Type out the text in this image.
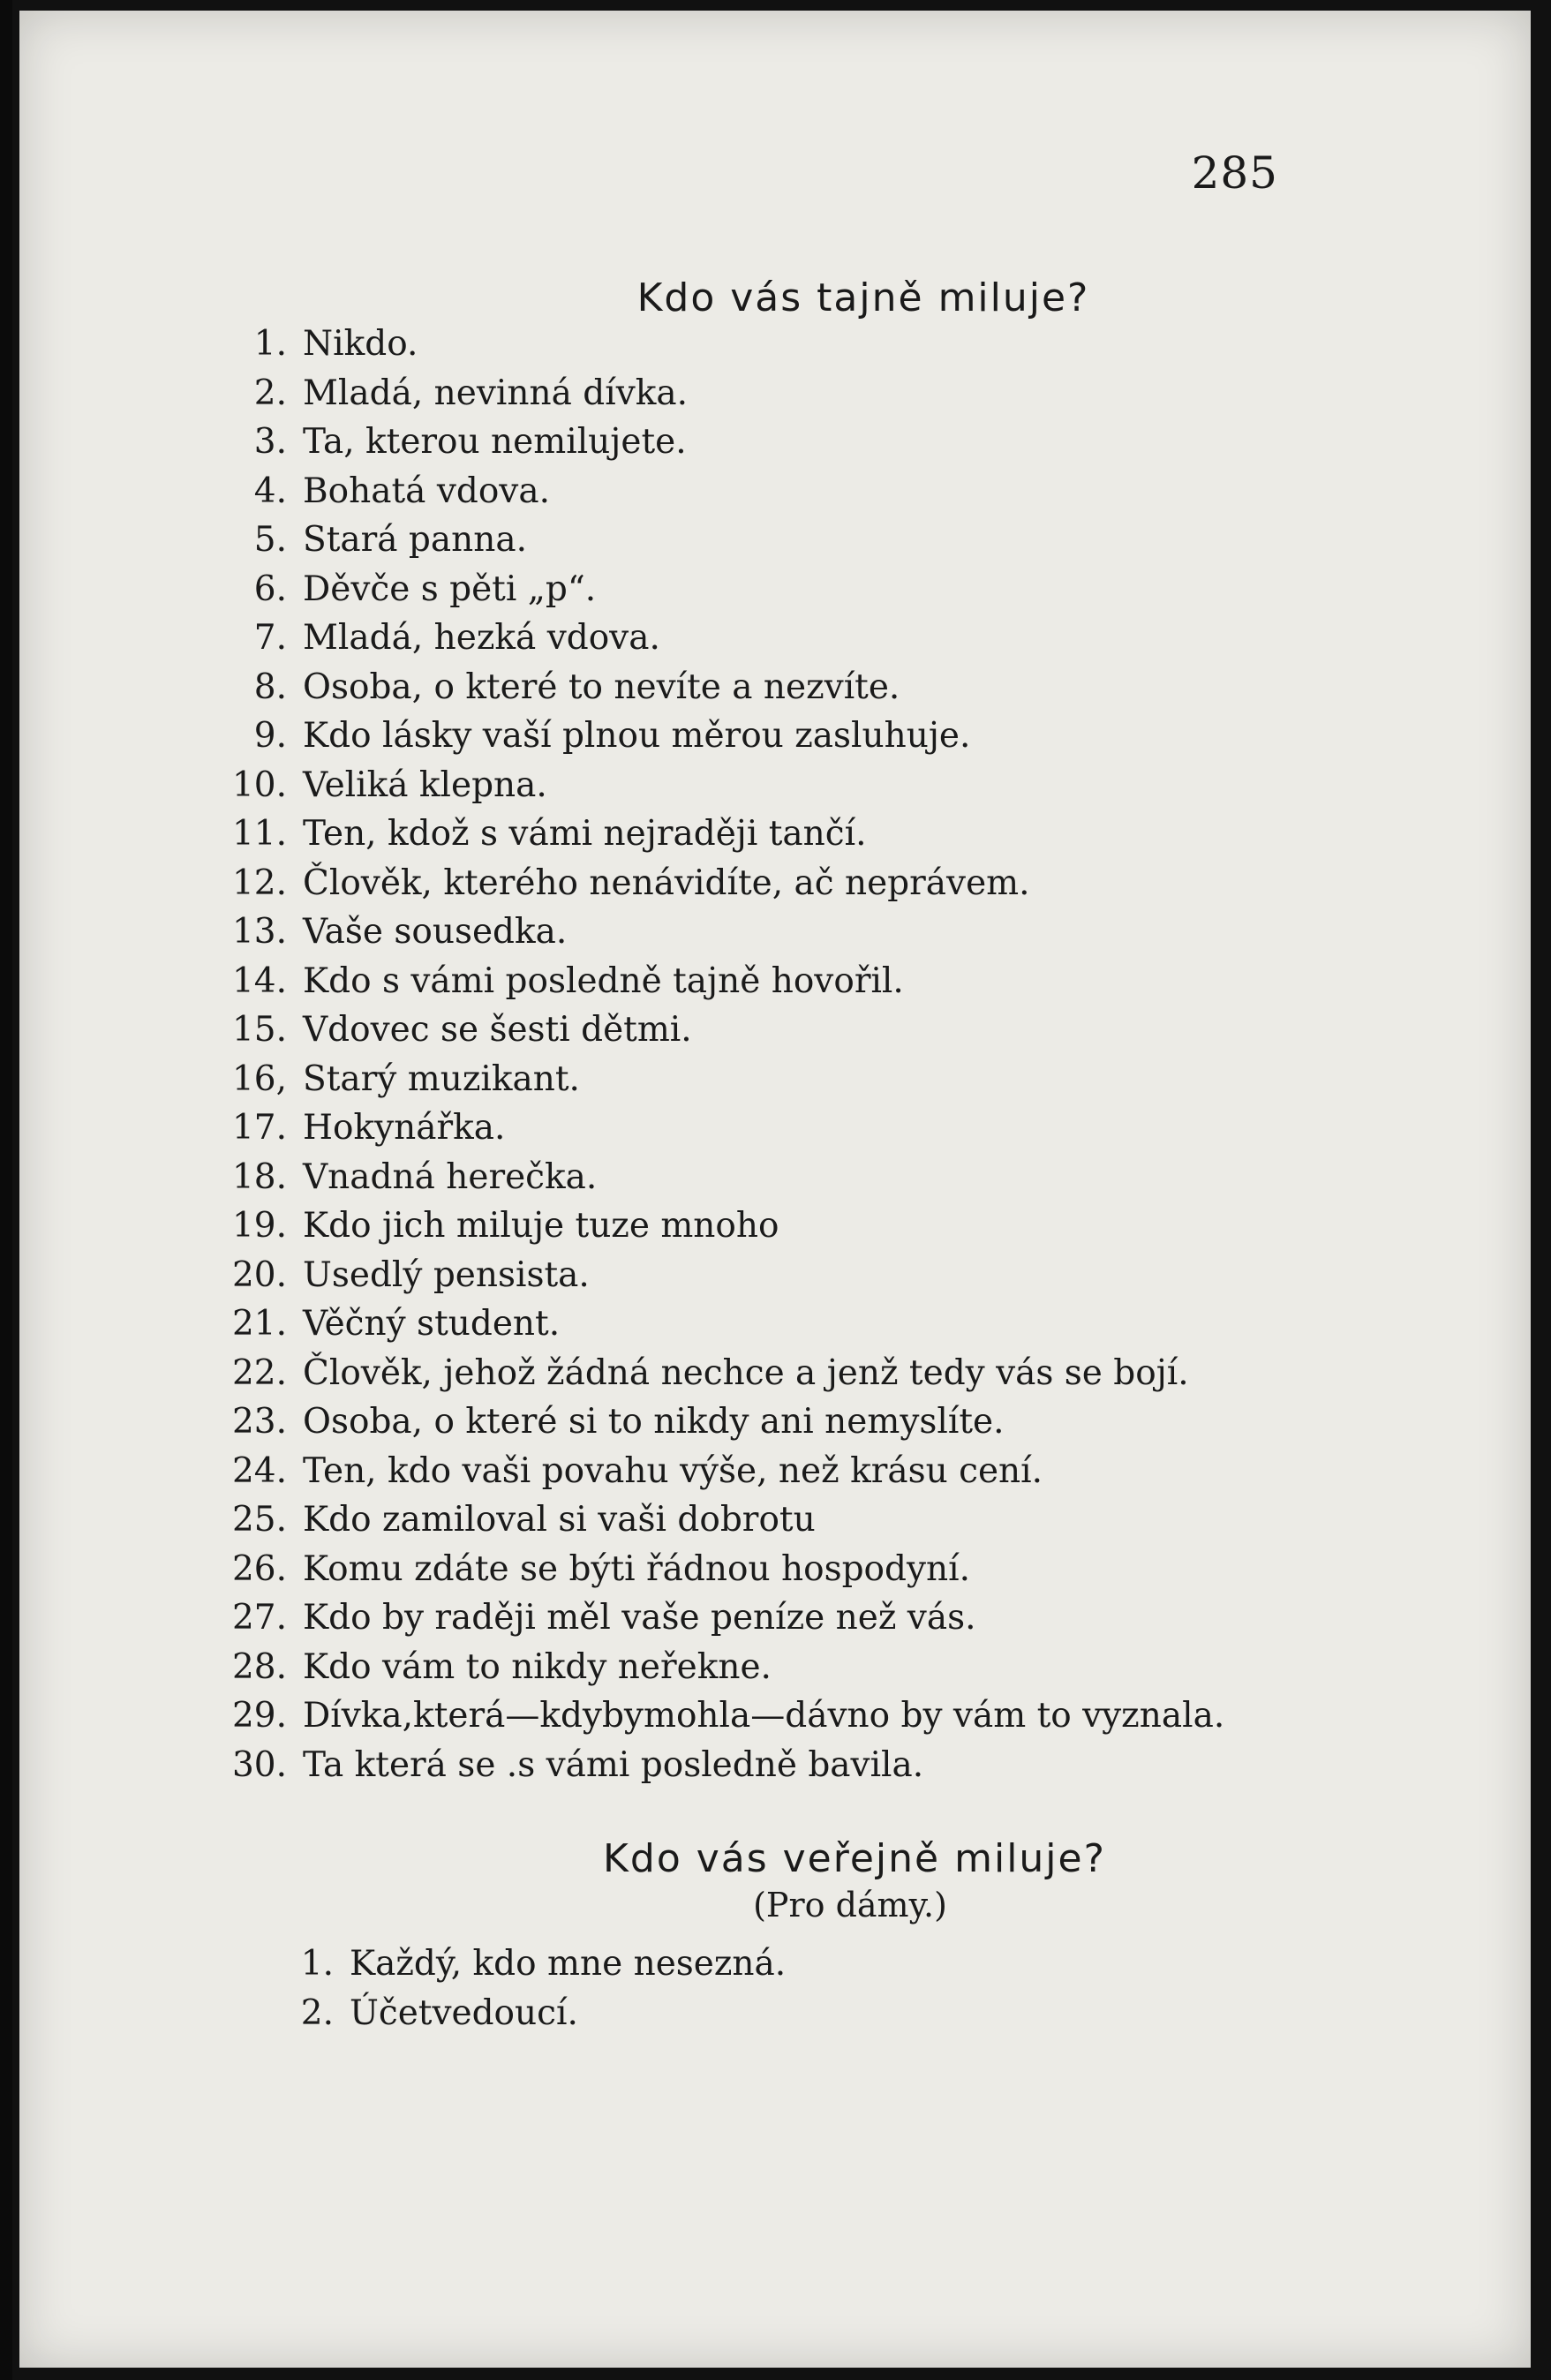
285
Kdo vás tajně miluje?
1. Nikdo.
2. Mladá, nevinná dívka.
3. Ta, kterou nemilujete.
4. Bohatá vdova.
5. Stará panna.
6. Děvče s pěti „p“.
7. Mladá, hezká vdova.
8. Osoba, o které to nevíte a nezvíte.
9. Kdo lásky vaší plnou měrou zasluhuje.
10. Veliká klepna.
11. Ten, kdož s vámi nejraději tančí.
12. Člověk, kterého nenávidíte, ač neprávem.
13. Vaše sousedka.
14. Kdo s vámi posledně tajně hovořil.
15. Vdovec se šesti dětmi.
16, Starý muzikant.
17. Hokynářka.
18. Vnadná herečka.
19. Kdo jich miluje tuze mnoho
20. Usedlý pensista.
21. Věčný student.
22. Člověk, jehož žádná nechce a jenž tedy vás se bojí.
23. Osoba, o které si to nikdy ani nemyslíte.
24. Ten, kdo vaši povahu výše, než krásu cení.
25. Kdo zamiloval si vaši dobrotu
26. Komu zdáte se býti řádnou hospodyní.
27. Kdo by raději měl vaše peníze než vás.
28. Kdo vám to nikdy neřekne.
29. Dívka,která—kdybymohla—dávno by vám to vyznala.
30. Ta která se .s vámi posledně bavila.
Kdo vás veřejně miluje?
(Pro dámy.)
1. Každý, kdo mne nesezná.
2. Účetvedoucí.
